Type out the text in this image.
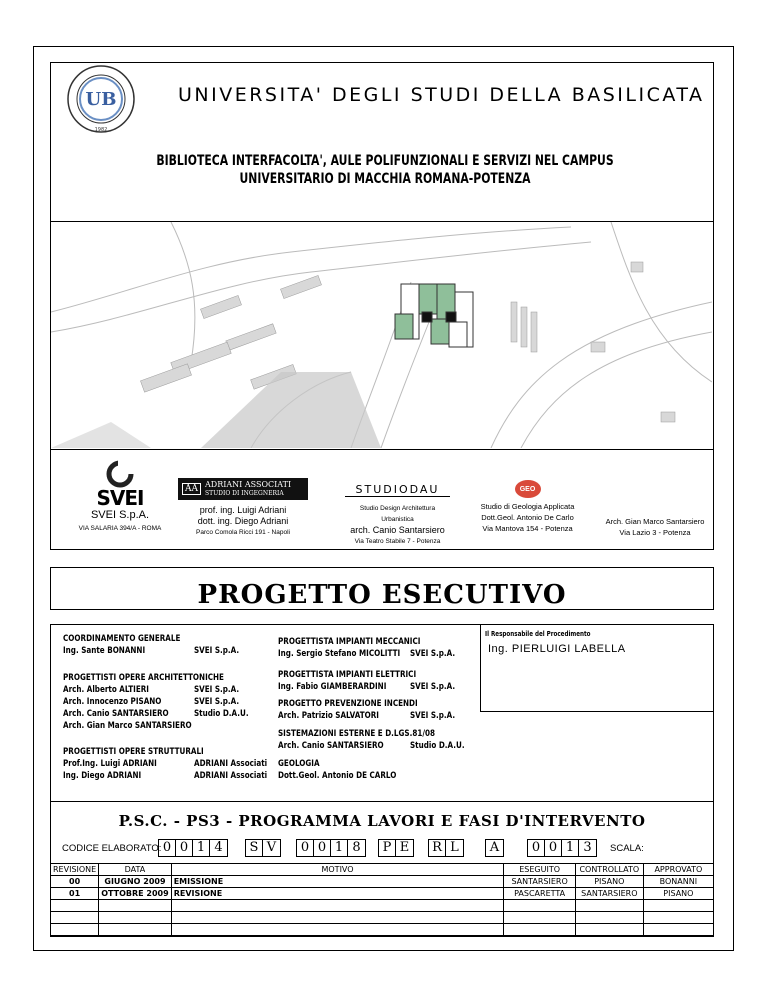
UB
1982
UNIVERSITA' DEGLI STUDI DELLA BASILICATA
BIBLIOTECA INTERFACOLTA', AULE POLIFUNZIONALI E SERVIZI NEL CAMPUS
UNIVERSITARIO DI MACCHIA ROMANA-POTENZA
SVEI
SVEI S.p.A.
VIA SALARIA 394/A - ROMA
AA ADRIANI ASSOCIATI
STUDIO DI INGEGNERIA
prof. ing. Luigi Adriani
dott. ing. Diego Adriani
Parco Comola Ricci 191 - Napoli
STUDIODAU
Studio Design Architettura Urbanistica
arch. Canio Santarsiero
Via Teatro Stabile 7 - Potenza
GEO
Studio di Geologia Applicata
Dott.Geol. Antonio De Carlo
Via Mantova 154 - Potenza
Arch. Gian Marco Santarsiero
Via Lazio 3 - Potenza
PROGETTO ESECUTIVO
COORDINAMENTO GENERALE
Ing. Sante BONANNI	SVEI S.p.A.
PROGETTISTI OPERE ARCHITETTONICHE
Arch. Alberto ALTIERI	SVEI S.p.A.
Arch. Innocenzo PISANO	SVEI S.p.A.
Arch. Canio SANTARSIERO	Studio D.A.U.
Arch. Gian Marco SANTARSIERO
PROGETTISTI OPERE STRUTTURALI
Prof.Ing. Luigi ADRIANI	ADRIANI Associati
Ing. Diego ADRIANI	ADRIANI Associati
PROGETTISTA IMPIANTI MECCANICI
Ing. Sergio Stefano MICOLITTI SVEI S.p.A.
PROGETTISTA IMPIANTI ELETTRICI
Ing. Fabio GIAMBERARDINI	SVEI S.p.A.
PROGETTO PREVENZIONE INCENDI
Arch. Patrizio SALVATORI	SVEI S.p.A.
SISTEMAZIONI ESTERNE E D.LGS.81/08
Arch. Canio SANTARSIERO	Studio D.A.U.
GEOLOGIA
Dott.Geol. Antonio DE CARLO
Il Responsabile del Procedimento
Ing. PIERLUIGI LABELLA
P.S.C. - PS3 - PROGRAMMA LAVORI E FASI D'INTERVENTO
CODICE ELABORATO: 0 0 1 4	S V 0 0 1 8	P E R L	A	0 0 1 3	SCALA:
REVISIONE	DATA	MOTIVO	ESEGUITO	CONTROLLATO	APPROVATO
00	GIUGNO 2009	EMISSIONE	SANTARSIERO	PISANO	BONANNI
01	OTTOBRE 2009	REVISIONE	PASCARETTA	SANTARSIERO	PISANO
